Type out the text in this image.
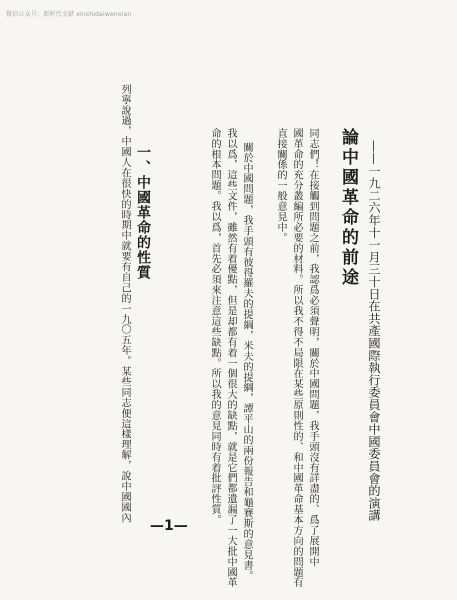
微信公众号：新时代文献 xinshidaiwenxian
論中國革命的前途 ——一九二六年十一月三十日在共產國際執行委員會中國委員會的演講
同志們！在接觸到問題之前，我認爲必須聲明，關於中國問題，我手頭沒有詳盡的、爲了展開中
國革命的充分叢編所必要的材料。所以我不得不局限在某些原則性的、和中國革命基本方向的問題有
直接關係的一般意見中。
關於中國問題，我手頭有彼得羅夫的提綱，米夫的提綱，譚平山的兩份報告和龜賽斯的意見書。
我以爲，這些文件，雖然有着優點，但是却都有着一個很大的缺點，就是它們都遺漏了一大批中國革
命的根本問題。我以爲，首先必須來注意這些缺點。所以我的意見同時有着批評性質。
一、中國革命的性質
列寧說過，中國人在很快的時期中就要有自己的一九〇五年。某些同志便這樣理解，說中國國內
—1—
